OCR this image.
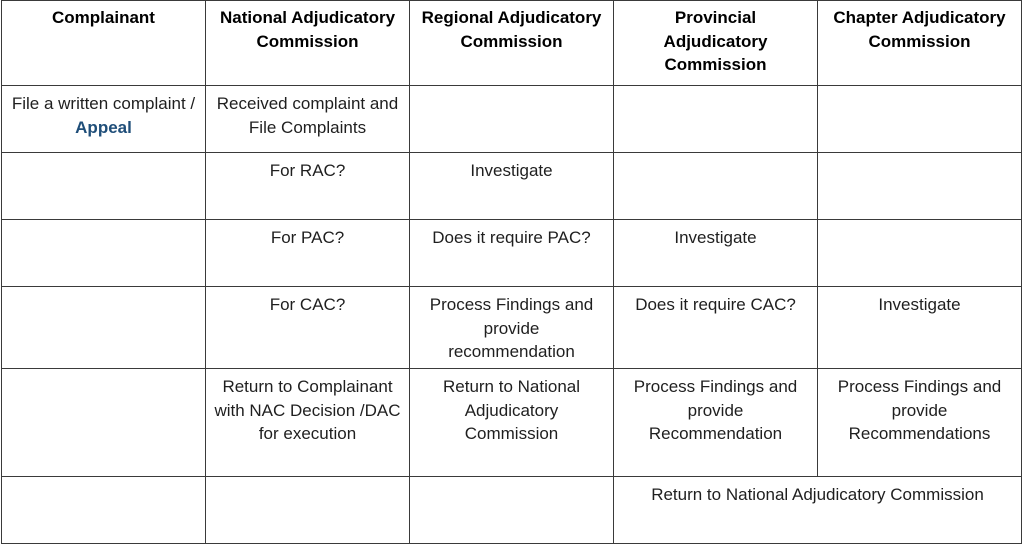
Complainant	National Adjudicatory Commission	Regional Adjudicatory Commission	Provincial Adjudicatory Commission	Chapter Adjudicatory Commission
File a written complaint / Appeal	Received complaint and File Complaints			
	For RAC?	Investigate		
	For PAC?	Does it require PAC?	Investigate	
	For CAC?	Process Findings and provide recommendation	Does it require CAC?	Investigate
	Return to Complainant with NAC Decision /DAC for execution	Return to National Adjudicatory Commission	Process Findings and provide Recommendation	Process Findings and provide Recommendations
			Return to National Adjudicatory Commission	
